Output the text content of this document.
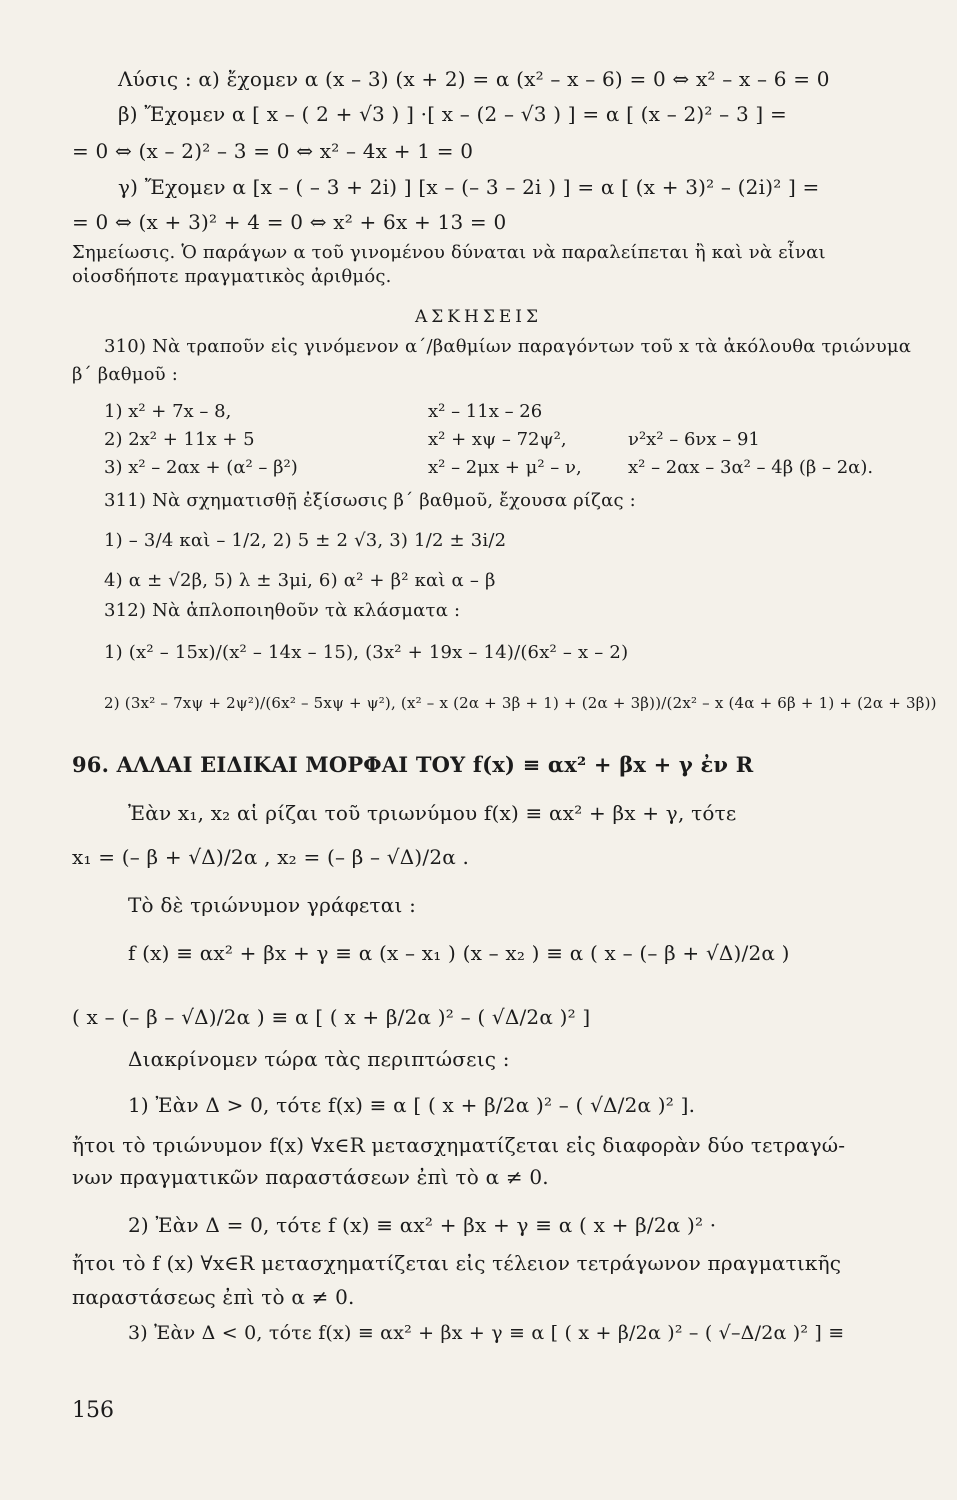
Λύσις : α) ἔχομεν α (x – 3) (x + 2) = α (x² – x – 6) = 0 ⇔ x² – x – 6 = 0
β) Ἔχομεν α [ x – ( 2 + √3 ) ] ·[ x – (2 – √3 ) ] = α [ (x – 2)² – 3 ] =
= 0 ⇔ (x – 2)² – 3 = 0 ⇔ x² – 4x + 1 = 0
γ) Ἔχομεν α [x – ( – 3 + 2i) ] [x – (– 3 – 2i ) ] = α [ (x + 3)² – (2i)² ] =
= 0 ⇔ (x + 3)² + 4 = 0 ⇔ x² + 6x + 13 = 0
Σημείωσις. Ὁ παράγων α τοῦ γινομένου δύναται νὰ παραλείπεται ἢ καὶ νὰ εἶναι
οἱοσδήποτε πραγματικὸς ἀριθμός.
ΑΣΚΗΣΕΙΣ
310) Νὰ τραποῦν εἰς γινόμενον α΄/βαθμίων παραγόντων τοῦ x τὰ ἀκόλουθα τριώνυμα
β΄ βαθμοῦ :
1) x² + 7x – 8,	x² – 11x – 26
2) 2x² + 11x + 5	x² + xψ – 72ψ²,	ν²x² – 6νx – 91
3) x² – 2αx + (α² – β²)	x² – 2μx + μ² – ν,	x² – 2αx – 3α² – 4β (β – 2α).
311) Νὰ σχηματισθῇ ἐξίσωσις β΄ βαθμοῦ, ἔχουσα ρίζας :
1) – 3/4 καὶ – 1/2, 2) 5 ± 2 √3, 3) 1/2 ± 3i/2
4) α ± √2β, 5) λ ± 3μi, 6) α² + β² καὶ α – β
312) Νὰ ἁπλοποιηθοῦν τὰ κλάσματα :
1) (x² – 15x)/(x² – 14x – 15), (3x² + 19x – 14)/(6x² – x – 2)
2) (3x² – 7xψ + 2ψ²)/(6x² – 5xψ + ψ²), (x² – x (2α + 3β + 1) + (2α + 3β))/(2x² – x (4α + 6β + 1) + (2α + 3β))
96. ΑΛΛΑΙ ΕΙΔΙΚΑΙ ΜΟΡΦΑΙ ΤΟΥ f(x) ≡ αx² + βx + γ ἐν R
Ἐὰν x₁, x₂ αἱ ρίζαι τοῦ τριωνύμου f(x) ≡ αx² + βx + γ, τότε
x₁ = (– β + √Δ)/2α , x₂ = (– β – √Δ)/2α .
Τὸ δὲ τριώνυμον γράφεται :
f (x) ≡ αx² + βx + γ ≡ α (x – x₁ ) (x – x₂ ) ≡ α ( x – (– β + √Δ)/2α )
( x – (– β – √Δ)/2α ) ≡ α [ ( x + β/2α )² – ( √Δ/2α )² ]
Διακρίνομεν τώρα τὰς περιπτώσεις :
1) Ἐὰν Δ > 0, τότε f(x) ≡ α [ ( x + β/2α )² – ( √Δ/2α )² ].
ἤτοι τὸ τριώνυμον f(x) ∀x∈R μετασχηματίζεται εἰς διαφορὰν δύο τετραγώ-
νων πραγματικῶν παραστάσεων ἐπὶ τὸ α ≠ 0.
2) Ἐὰν Δ = 0, τότε f (x) ≡ αx² + βx + γ ≡ α ( x + β/2α )² ·
ἤτοι τὸ f (x) ∀x∈R μετασχηματίζεται εἰς τέλειον τετράγωνον πραγματικῆς
παραστάσεως ἐπὶ τὸ α ≠ 0.
3) Ἐὰν Δ < 0, τότε f(x) ≡ αx² + βx + γ ≡ α [ ( x + β/2α )² – ( √–Δ/2α )² ] ≡
156
